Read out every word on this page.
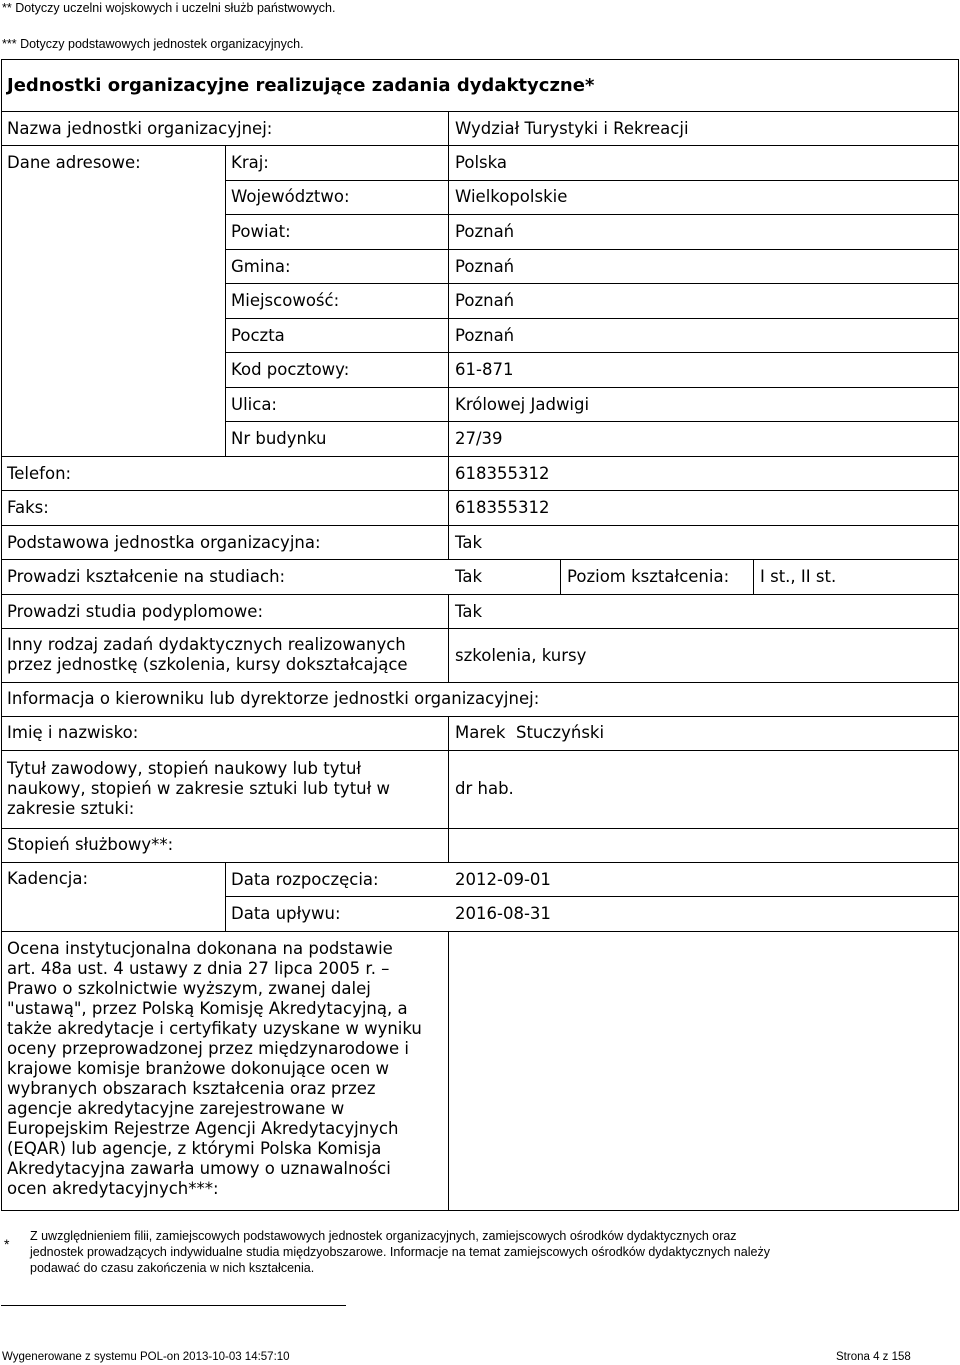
** Dotyczy uczelni wojskowych i uczelni służb państwowych.
*** Dotyczy podstawowych jednostek organizacyjnych.
Jednostki organizacyjne realizujące zadania dydaktyczne*
Nazwa jednostki organizacyjnej:	Wydział Turystyki i Rekreacji
Dane adresowe:	Kraj:	Polska
Województwo:	Wielkopolskie
Powiat:	Poznań
Gmina:	Poznań
Miejscowość:	Poznań
Poczta	Poznań
Kod pocztowy:	61-871
Ulica:	Królowej Jadwigi
Nr budynku	27/39
Telefon:	618355312
Faks:	618355312
Podstawowa jednostka organizacyjna:	Tak
Prowadzi kształcenie na studiach:	Tak	Poziom kształcenia: I st., II st.
Prowadzi studia podyplomowe:	Tak
Inny rodzaj zadań dydaktycznych realizowanych
przez jednostkę (szkolenia, kursy dokształcające	szkolenia, kursy
Informacja o kierowniku lub dyrektorze jednostki organizacyjnej:
Imię i nazwisko:	Marek  Stuczyński
Tytuł zawodowy, stopień naukowy lub tytuł
naukowy, stopień w zakresie sztuki lub tytuł w
zakresie sztuki:
dr hab.
Stopień służbowy**:
Kadencja:	Data rozpoczęcia:	2012-09-01
Data upływu:	2016-08-31
Ocena instytucjonalna dokonana na podstawie
art. 48a ust. 4 ustawy z dnia 27 lipca 2005 r. –
Prawo o szkolnictwie wyższym, zwanej dalej
"ustawą", przez Polską Komisję Akredytacyjną, a
także akredytacje i certyfikaty uzyskane w wyniku
oceny przeprowadzonej przez międzynarodowe i
krajowe komisje branżowe dokonujące ocen w
wybranych obszarach kształcenia oraz przez
agencje akredytacyjne zarejestrowane w
Europejskim Rejestrze Agencji Akredytacyjnych
(EQAR) lub agencje, z którymi Polska Komisja
Akredytacyjna zawarła umowy o uznawalności
ocen akredytacyjnych***:
* Z uwzględnieniem filii, zamiejscowych podstawowych jednostek organizacyjnych, zamiejscowych ośrodków dydaktycznych oraz
jednostek prowadzących indywidualne studia międzyobszarowe. Informacje na temat zamiejscowych ośrodków dydaktycznych należy
podawać do czasu zakończenia w nich kształcenia.
Wygenerowane z systemu POL-on 2013-10-03 14:57:10	Strona 4 z 158
